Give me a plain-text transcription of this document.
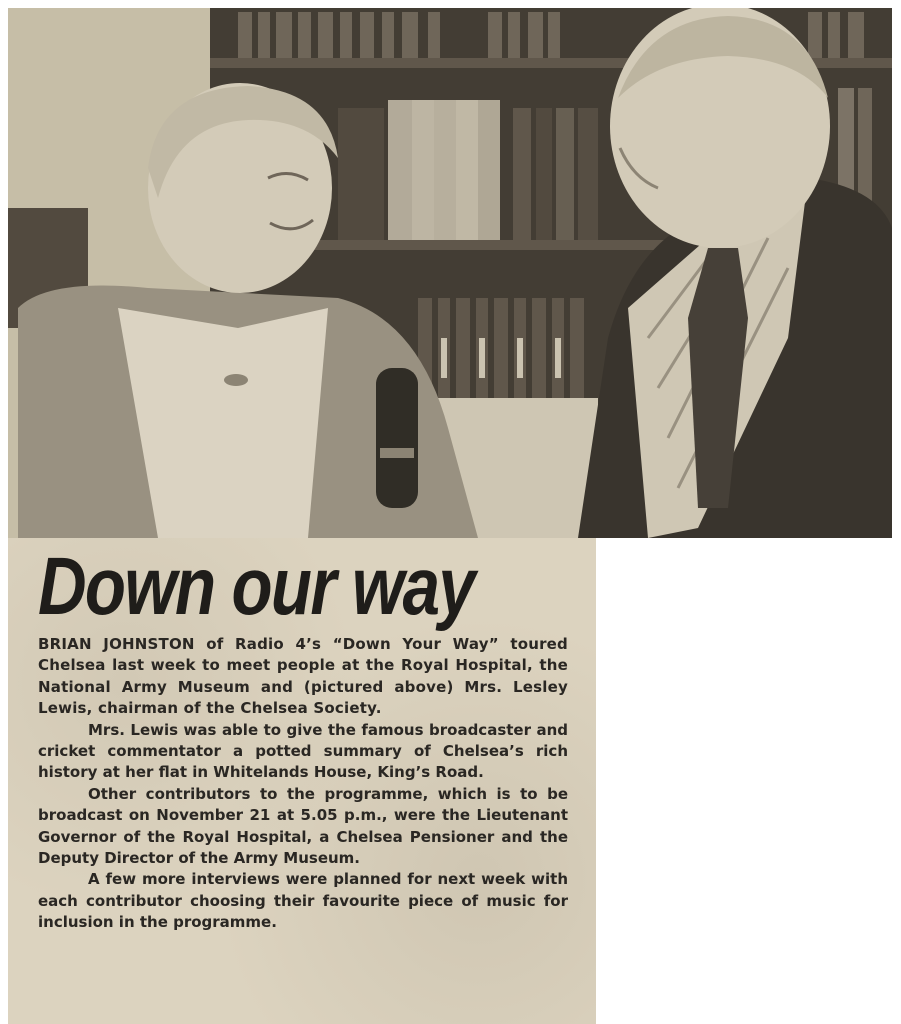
Down our way

BRIAN JOHNSTON of Radio 4’s “Down Your Way” toured Chelsea last week to meet people at the Royal Hospital, the National Army Museum and (pictured above) Mrs. Lesley Lewis, chairman of the Chelsea Society.

Mrs. Lewis was able to give the famous broadcaster and cricket commentator a potted summary of Chelsea’s rich history at her flat in Whitelands House, King’s Road.

Other contributors to the programme, which is to be broadcast on November 21 at 5.05 p.m., were the Lieutenant Governor of the Royal Hospital, a Chelsea Pensioner and the Deputy Director of the Army Museum.

A few more interviews were planned for next week with each contributor choosing their favourite piece of music for inclusion in the programme.
